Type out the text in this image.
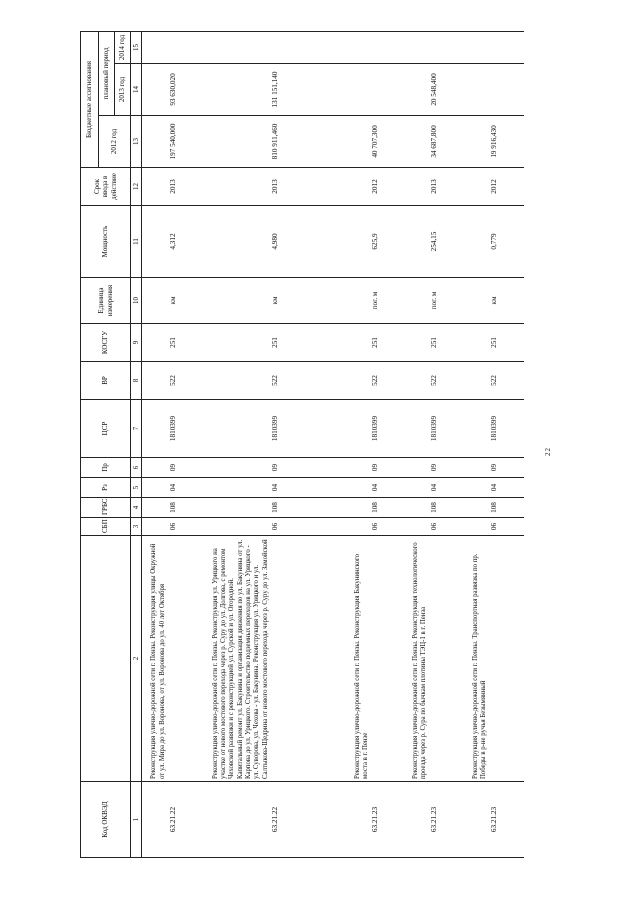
Код ОКВЭД		СБП	ГРБС	Рз	Пр	ЦСР	ВР	КОСГУ	Единица измерения	Мощность	Срок ввода в действие	Бюджетные ассигнования		
												2012 год	плановый период	
													2013 год	2014 год
1	2	3	4	5	6	7	8	9	10	11	12	13	14	15
63.21.22	Реконструкция улично-дорожной сети г. Пензы. Реконструкция улицы Окружной от ул. Мира до ул. Воронова, от ул. Воронова до ул. 40 лет Октября	06	108	04	09	1810399	522	251	км	4,312	2013	197 540,000	93 630,020	
63.21.22	Реконструкция улично-дорожной сети г. Пензы. Реконструкция ул. Урицкого на участке от нового мостового перехода через р. Суру до ул. Долгова, с ремонтом Чеховской развязки и с реконструкцией ул. Сурской и ул. Огородной. Капитальный ремонт ул. Бакунина и организация движения по ул. Бакунина от ул. Карпова до ул. Урицкого. Строительство подземных переходов на ул. Урицкого - ул. Суворова, ул. Чехова - ул. Бакунина. Реконструкция ул. Урицкого и ул. Салтыкова-Щедрина от нового мостового перехода через р. Суру до ул. Замойской	06	108	04	09	1810399	522	251	км	4,980	2013	810 911,460	131 151,140	
63.21.23	Реконструкция улично-дорожной сети г. Пензы. Реконструкция Бакунинского моста в г. Пензе	06	108	04	09	1810399	522	251	пог. м	625,9	2012	40 707,300		
63.21.23	Реконструкция улично-дорожной сети г. Пензы. Реконструкция технологического проезда через р. Сура по бычкам плотины ТЭЦ-1 в г. Пенза	06	108	04	09	1810399	522	251	пог. м	254,15	2013	34 687,800	20 548,400	
63.21.23	Реконструкция улично-дорожной сети г. Пензы. Транспортная развязка по пр. Победы в р-не ручья Безымянный	06	108	04	09	1810399	522	251	км	0,779	2012	19 916,430		
22
